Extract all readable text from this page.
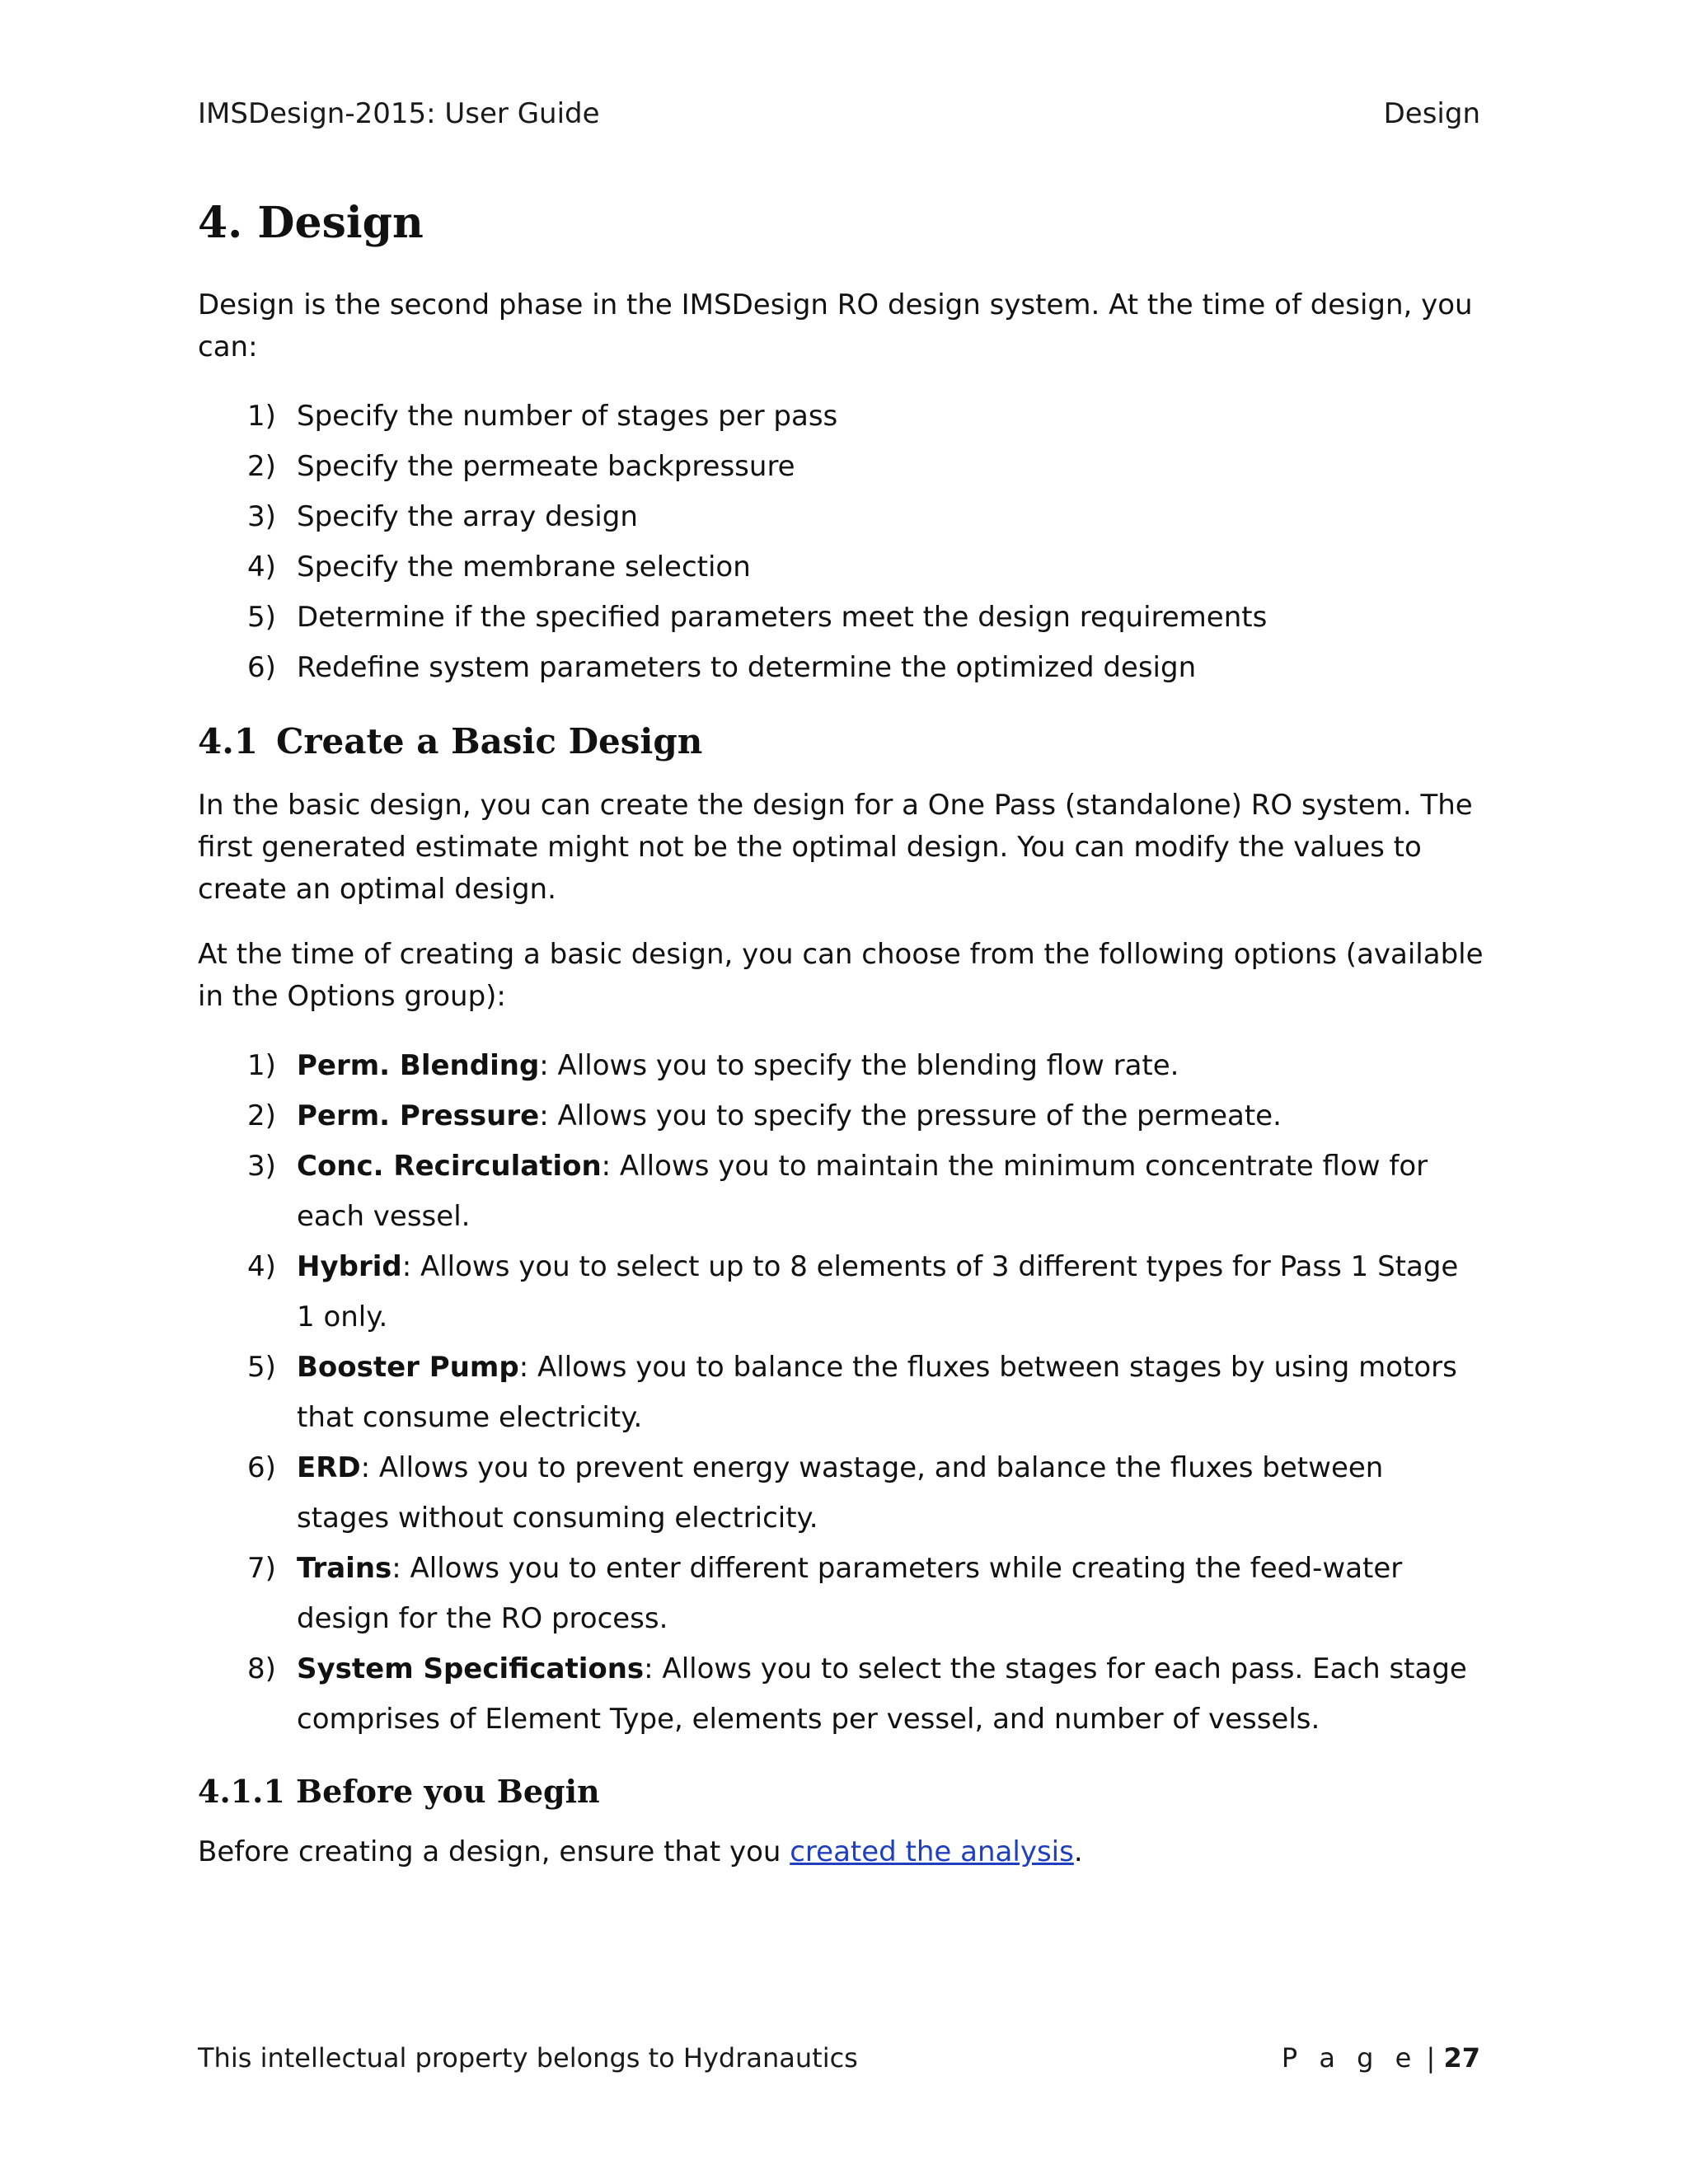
IMSDesign-2015: User Guide	Design
4. Design

Design is the second phase in the IMSDesign RO design system. At the time of design, you can:

1) Specify the number of stages per pass
2) Specify the permeate backpressure
3) Specify the array design
4) Specify the membrane selection
5) Determine if the specified parameters meet the design requirements
6) Redefine system parameters to determine the optimized design
4.1 Create a Basic Design

In the basic design, you can create the design for a One Pass (standalone) RO system. The first generated estimate might not be the optimal design. You can modify the values to create an optimal design.

At the time of creating a basic design, you can choose from the following options (available in the Options group):

1) Perm. Blending: Allows you to specify the blending flow rate.
2) Perm. Pressure: Allows you to specify the pressure of the permeate.
3) Conc. Recirculation: Allows you to maintain the minimum concentrate flow for each vessel.
4) Hybrid: Allows you to select up to 8 elements of 3 different types for Pass 1 Stage 1 only.
5) Booster Pump: Allows you to balance the fluxes between stages by using motors that consume electricity.
6) ERD: Allows you to prevent energy wastage, and balance the fluxes between stages without consuming electricity.
7) Trains: Allows you to enter different parameters while creating the feed-water design for the RO process.
8) System Specifications: Allows you to select the stages for each pass. Each stage comprises of Element Type, elements per vessel, and number of vessels.
4.1.1 Before you Begin

Before creating a design, ensure that you created the analysis.

This intellectual property belongs to Hydranautics	P a g e | 27
